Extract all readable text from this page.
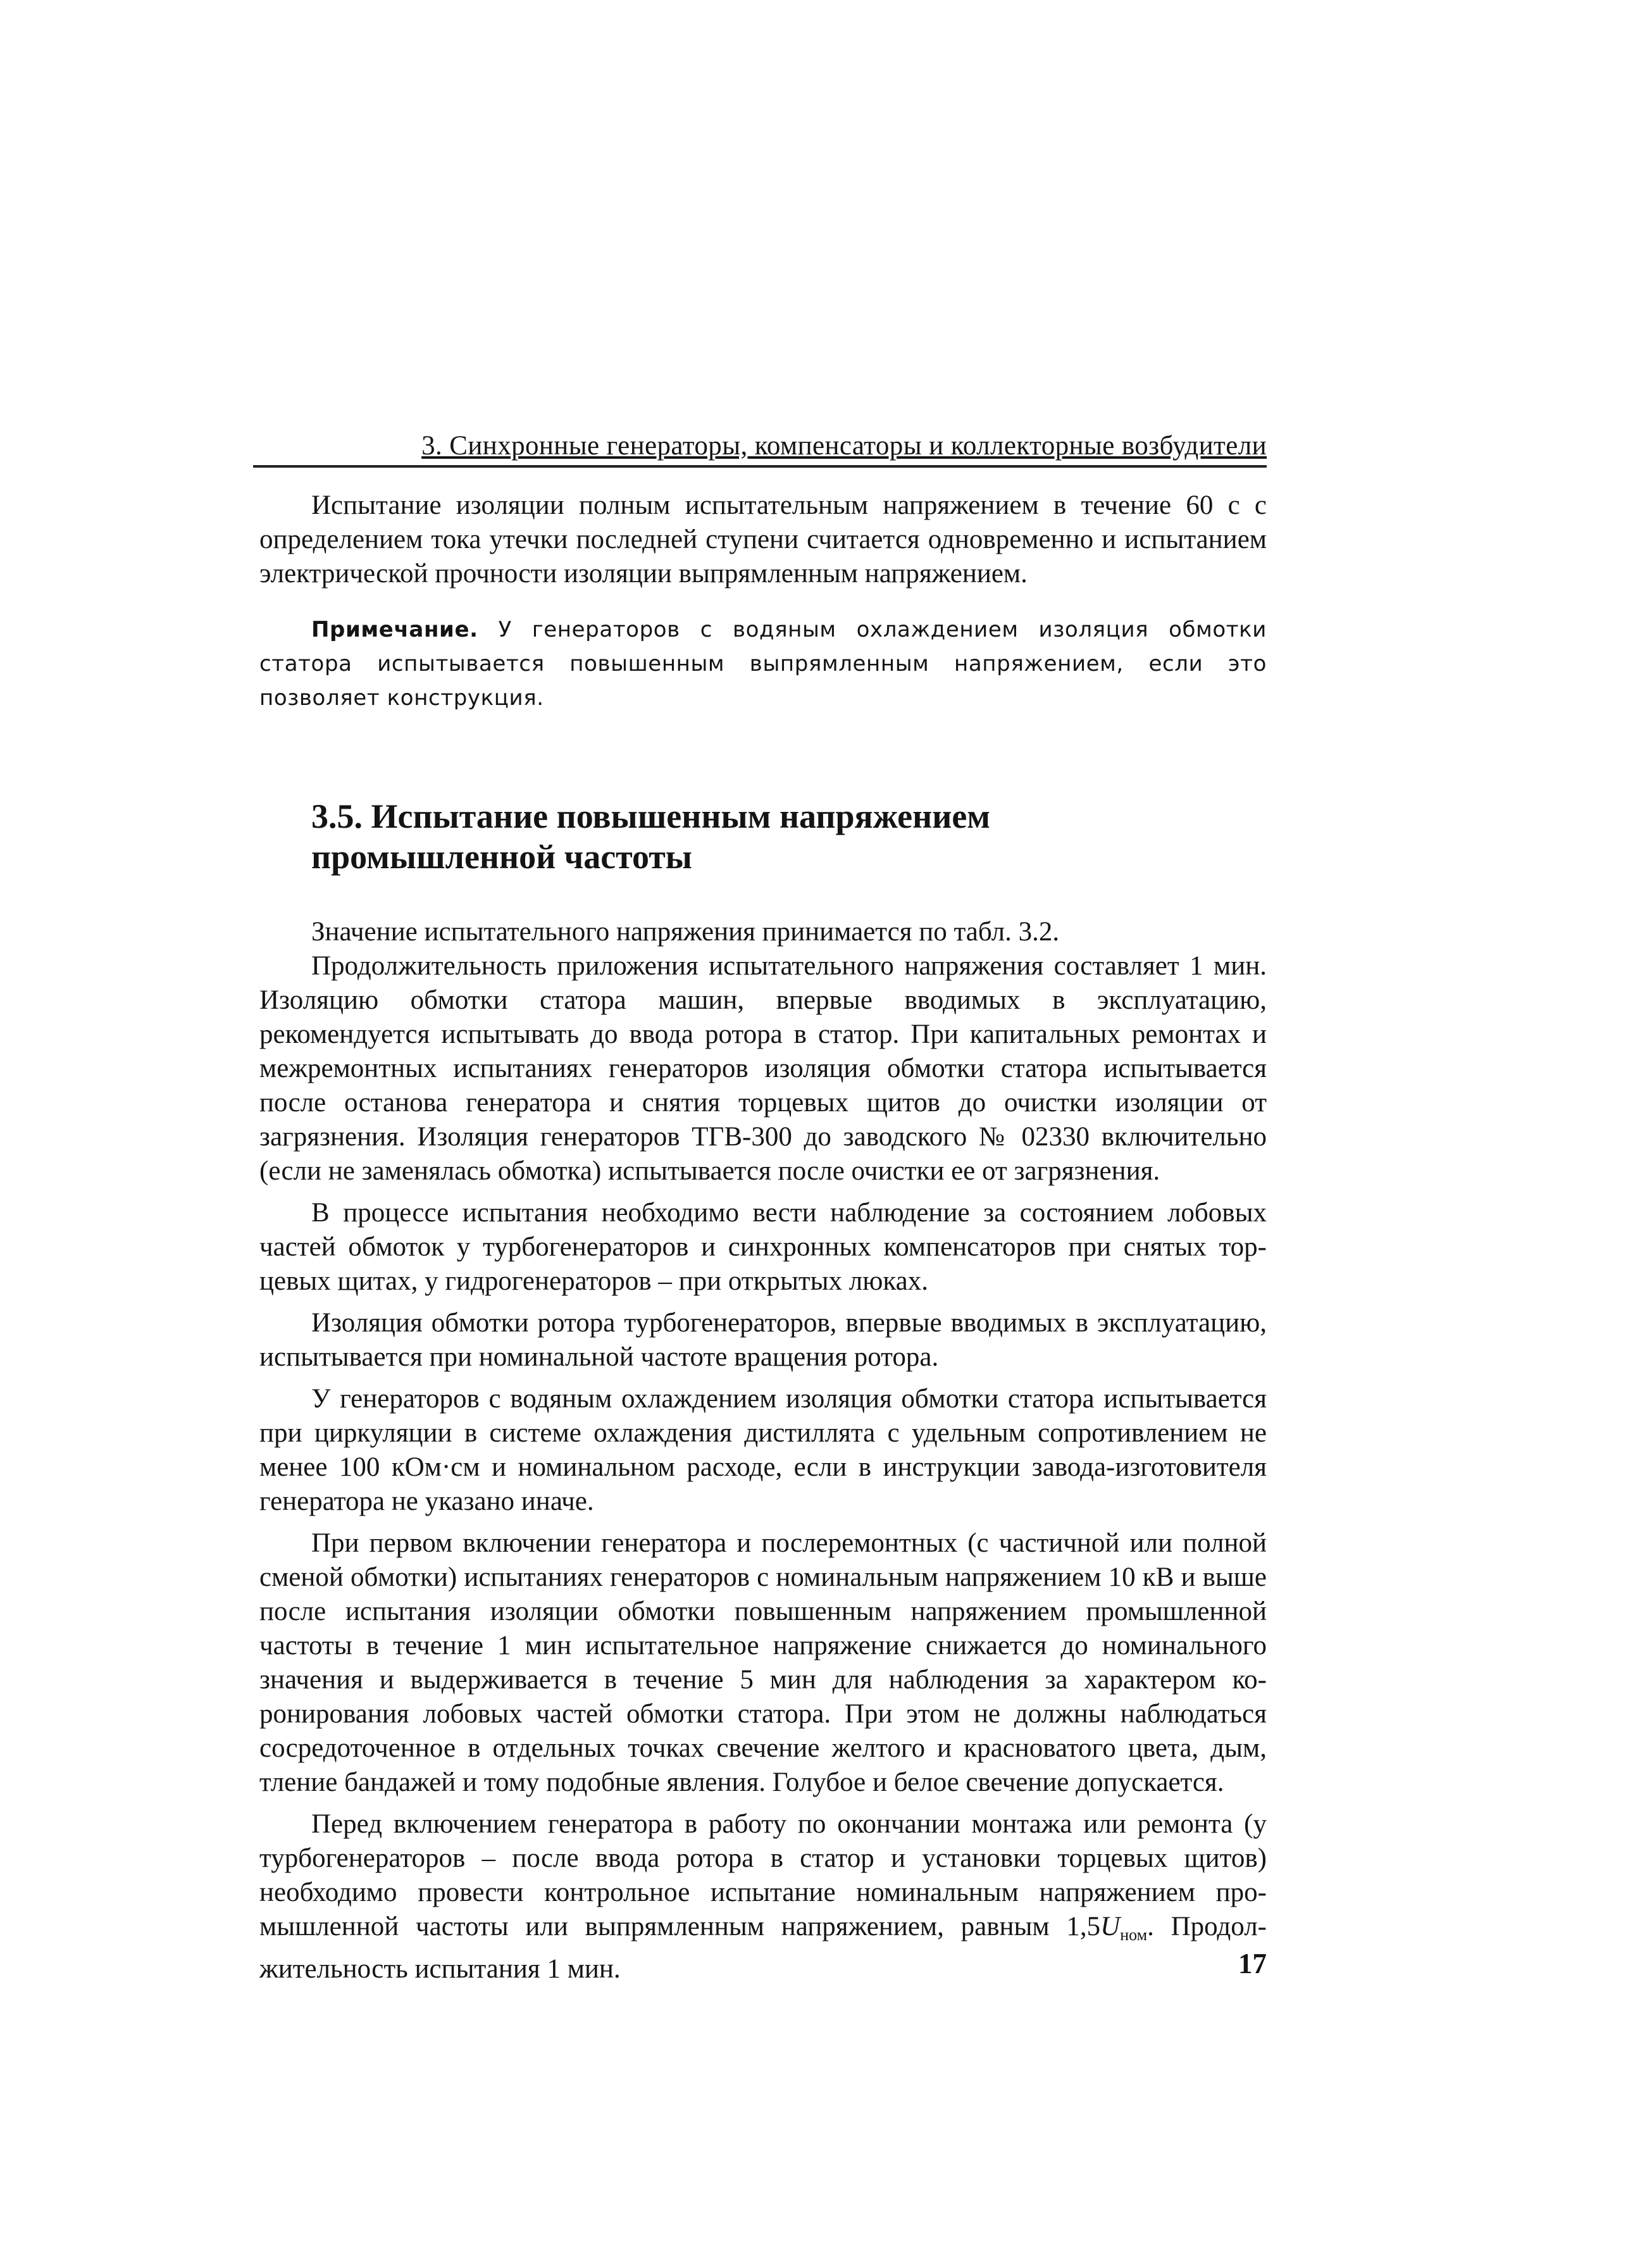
3. Синхронные генераторы, компенсаторы и коллекторные возбудители

Испытание изоляции полным испытательным напряжением в течение 60 с с определением тока утечки последней ступени считается одновременно и испытанием электрической прочности изоляции выпрямленным напряжением.

Примечание. У генераторов с водяным охлаждением изоляция обмотки статора испытывается повышенным выпрямленным напряжением, если это позволяет конструкция.

3.5. Испытание повышенным напряжением
промышленной частоты

Значение испытательного напряжения принимается по табл. 3.2.

Продолжительность приложения испытательного напряжения составляет 1 мин. Изоляцию обмотки статора машин, впервые вводимых в эксплуатацию, рекомендуется испытывать до ввода ротора в статор. При капитальных ремонтах и межремонтных испытаниях генераторов изоляция обмотки статора испытывается после останова генератора и снятия торцевых щитов до очистки изоляции от загрязнения. Изоляция генераторов ТГВ-300 до заводского № 02330 включительно (если не заменялась обмотка) испытывается после очистки ее от загрязнения.

В процессе испытания необходимо вести наблюдение за состоянием лобовых частей обмоток у турбогенераторов и синхронных компенсаторов при снятых торцевых щитах, у гидрогенераторов – при открытых люках.

Изоляция обмотки ротора турбогенераторов, впервые вводимых в эксплуатацию, испытывается при номинальной частоте вращения ротора.

У генераторов с водяным охлаждением изоляция обмотки статора испытывается при циркуляции в системе охлаждения дистиллята с удельным сопротивлением не менее 100 кОм·см и номинальном расходе, если в инструкции завода-изготовителя генератора не указано иначе.

При первом включении генератора и послеремонтных (с частичной или полной сменой обмотки) испытаниях генераторов с номинальным напряжением 10 кВ и выше после испытания изоляции обмотки повышенным напряжением промышленной частоты в течение 1 мин испытательное напряжение снижается до номинального значения и выдерживается в течение 5 мин для наблюдения за характером коронирования лобовых частей обмотки статора. При этом не должны наблюдаться сосредоточенное в отдельных точках свечение желтого и красноватого цвета, дым, тление бандажей и тому подобные явления. Голубое и белое свечение допускается.

Перед включением генератора в работу по окончании монтажа или ремонта (у турбогенераторов – после ввода ротора в статор и установки торцевых щитов) необходимо провести контрольное испытание номинальным напряжением промышленной частоты или выпрямленным напряжением, равным $1,5U_{ном}$. Продолжительность испытания 1 мин.	17
